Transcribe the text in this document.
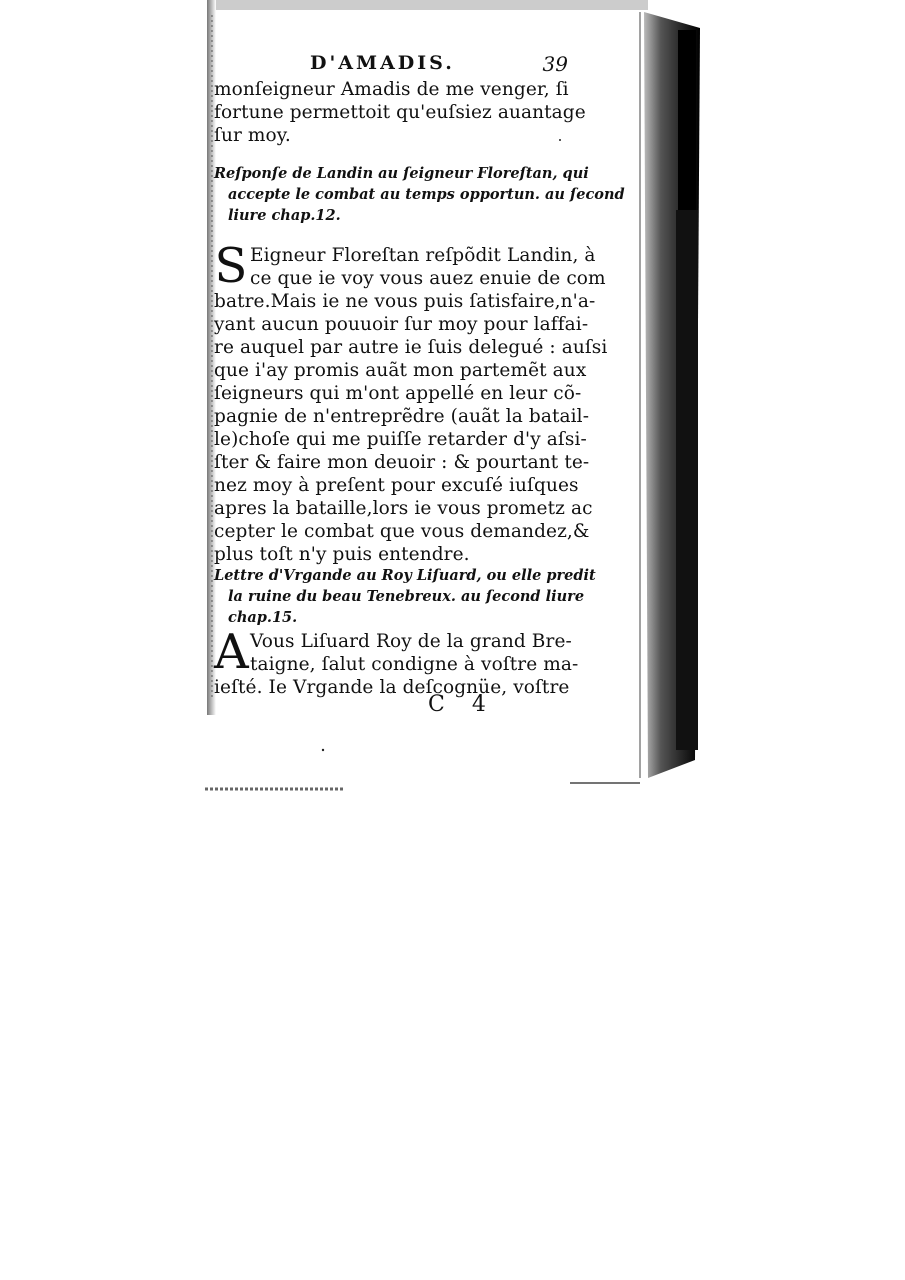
D'AMADIS.	39
monſeigneur Amadis de me venger, ſi
fortune permettoit qu'euſsiez auantage
ſur moy.
Reſponſe de Landin au ſeigneur Floreſtan, qui
accepte le combat au temps opportun. au ſecond
liure chap.12.
S Eigneur Floreſtan reſpõdit Landin, à
ce que ie voy vous auez enuie de com
batre.Mais ie ne vous puis ſatisfaire,n'a-
yant aucun pouuoir ſur moy pour laffai-
re auquel par autre ie ſuis delegué : auſsi
que i'ay promis auãt mon partemẽt aux
ſeigneurs qui m'ont appellé en leur cõ-
pagnie de n'entreprẽdre (auãt la batail-
le)choſe qui me puiſſe retarder d'y aſsi-
ſter & faire mon deuoir : & pourtant te-
nez moy à preſent pour excuſé iuſques
apres la bataille,lors ie vous prometz ac
cepter le combat que vous demandez,&
plus toſt n'y puis entendre.
Lettre d'Vrgande au Roy Liſuard, ou elle predit
la ruine du beau Tenebreux. au ſecond liure
chap.15.
A Vous Liſuard Roy de la grand Bre-
taigne, ſalut condigne à voſtre ma-
ieſté. Ie Vrgande la deſcognüe, voſtre
C 4
